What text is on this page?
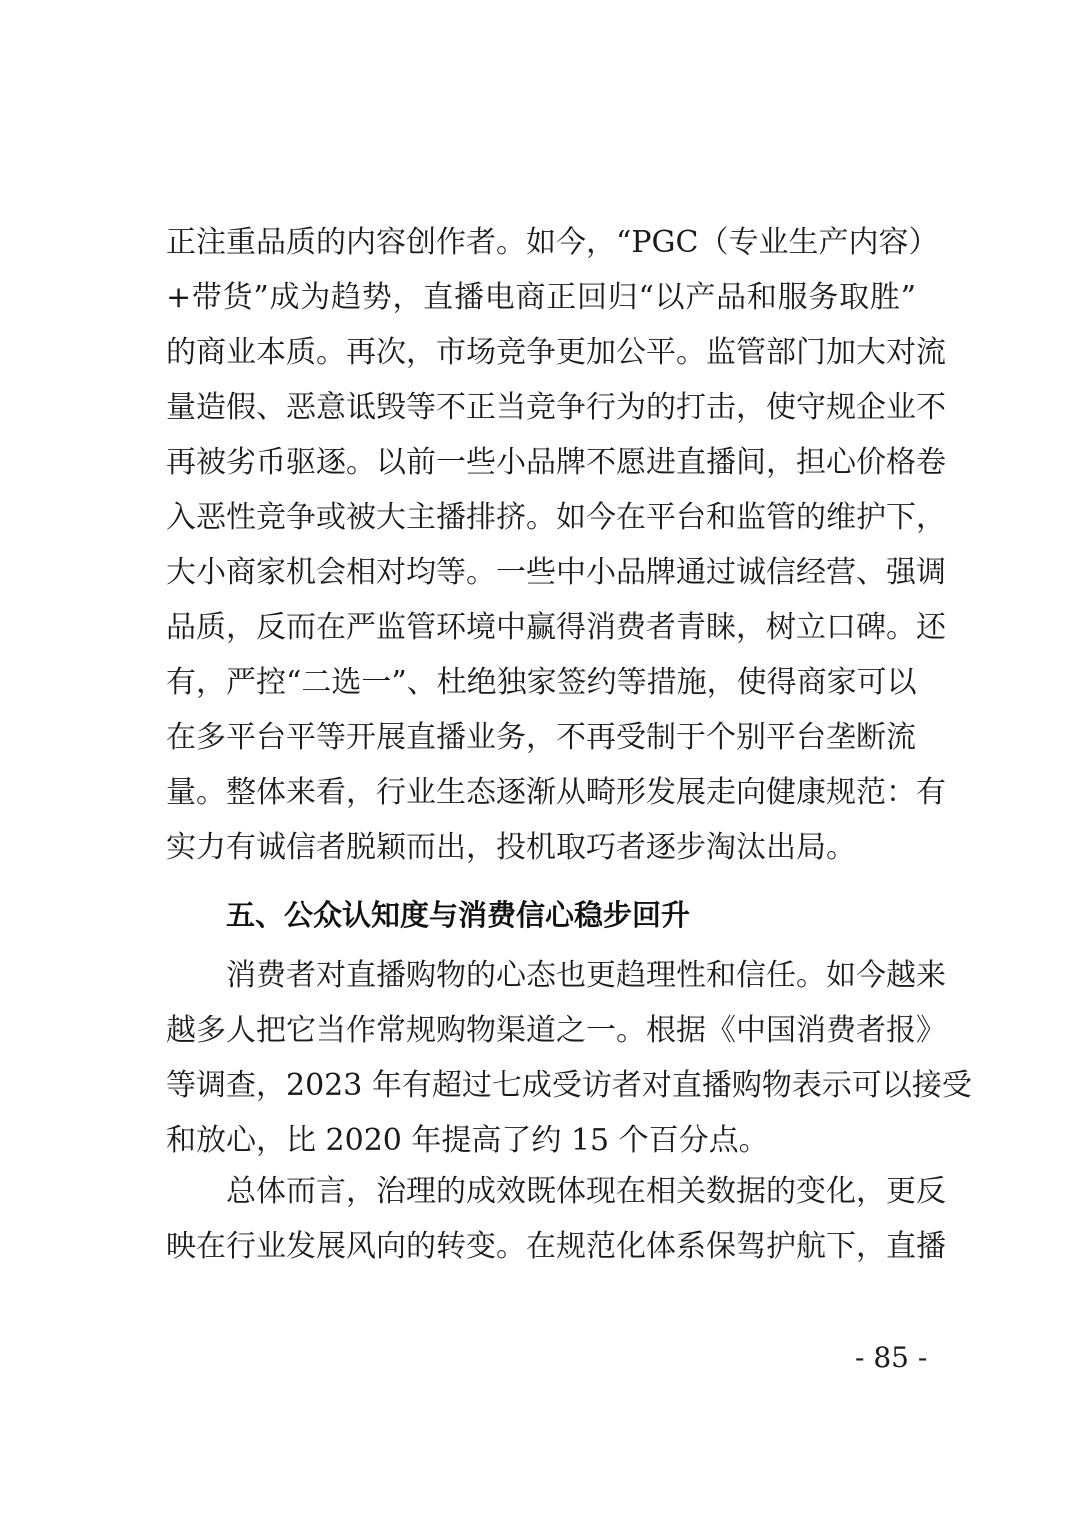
正注重品质的内容创作者。如今，“PGC（专业生产内容）
+带货”成为趋势，直播电商正回归“以产品和服务取胜”
的商业本质。再次，市场竞争更加公平。监管部门加大对流
量造假、恶意诋毁等不正当竞争行为的打击，使守规企业不
再被劣币驱逐。以前一些小品牌不愿进直播间，担心价格卷
入恶性竞争或被大主播排挤。如今在平台和监管的维护下，
大小商家机会相对均等。一些中小品牌通过诚信经营、强调
品质，反而在严监管环境中赢得消费者青睐，树立口碑。还
有，严控“二选一”、杜绝独家签约等措施，使得商家可以
在多平台平等开展直播业务，不再受制于个别平台垄断流
量。整体来看，行业生态逐渐从畸形发展走向健康规范：有
实力有诚信者脱颖而出，投机取巧者逐步淘汰出局。
五、公众认知度与消费信心稳步回升
消费者对直播购物的心态也更趋理性和信任。如今越来
越多人把它当作常规购物渠道之一。根据《中国消费者报》
等调查，2023 年有超过七成受访者对直播购物表示可以接受
和放心，比 2020 年提高了约 15 个百分点。
总体而言，治理的成效既体现在相关数据的变化，更反
映在行业发展风向的转变。在规范化体系保驾护航下，直播
- 85 -
